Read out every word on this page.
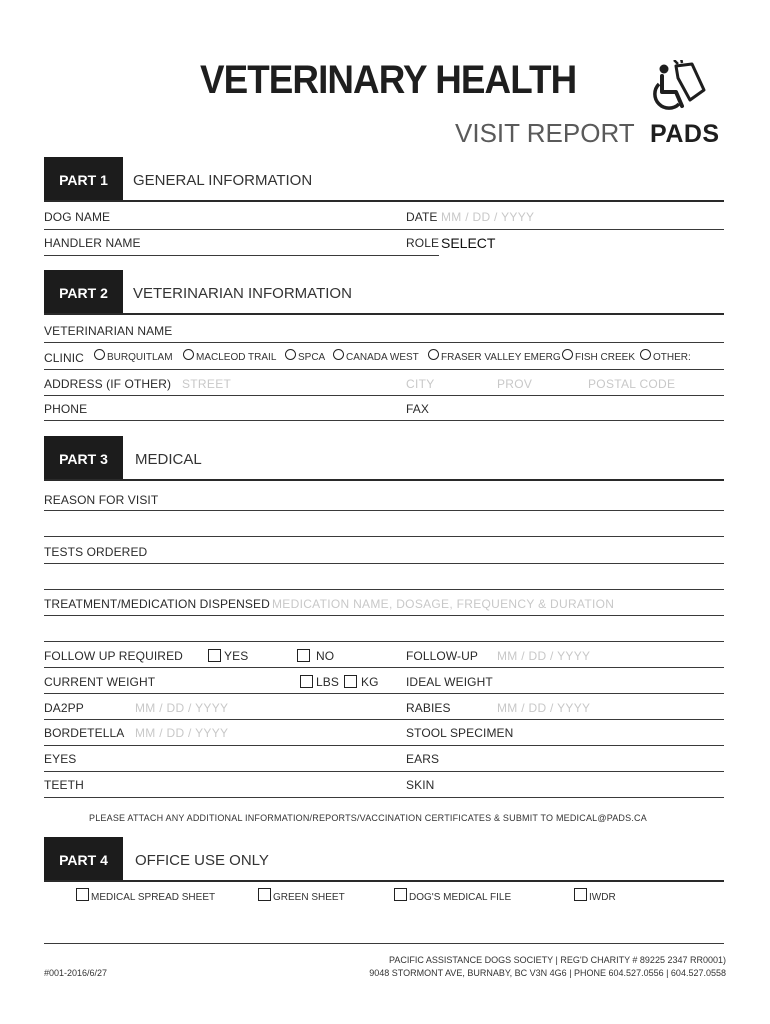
VETERINARY HEALTH
VISIT REPORT PADS
PART 1	GENERAL INFORMATION
DOG NAME	DATE MM / DD / YYYY
HANDLER NAME	ROLE SELECT
PART 2	VETERINARIAN INFORMATION
VETERINARIAN NAME
CLINIC BURQUITLAM MACLEOD TRAIL SPCA CANADA WEST FRASER VALLEY EMERG FISH CREEK OTHER:
ADDRESS (IF OTHER) STREET	CITY	PROV	POSTAL CODE
PHONE	FAX
PART 3	MEDICAL
REASON FOR VISIT
TESTS ORDERED
TREATMENT/MEDICATION DISPENSED MEDICATION NAME, DOSAGE, FREQUENCY & DURATION
FOLLOW UP REQUIRED	YES	NO	FOLLOW-UP MM / DD / YYYY
CURRENT WEIGHT	LBS KG IDEAL WEIGHT
DA2PP	MM / DD / YYYY	RABIES	MM / DD / YYYY
BORDETELLA MM / DD / YYYY	STOOL SPECIMEN
EYES	EARS
TEETH	SKIN
PLEASE ATTACH ANY ADDITIONAL INFORMATION/REPORTS/VACCINATION CERTIFICATES & SUBMIT TO MEDICAL@PADS.CA
PART 4	OFFICE USE ONLY
MEDICAL SPREAD SHEET	GREEN SHEET	DOG'S MEDICAL FILE	IWDR
#001-2016/6/27
PACIFIC ASSISTANCE DOGS SOCIETY | REG'D CHARITY # 89225 2347 RR0001)
9048 STORMONT AVE, BURNABY, BC V3N 4G6 | PHONE 604.527.0556 | 604.527.0558
